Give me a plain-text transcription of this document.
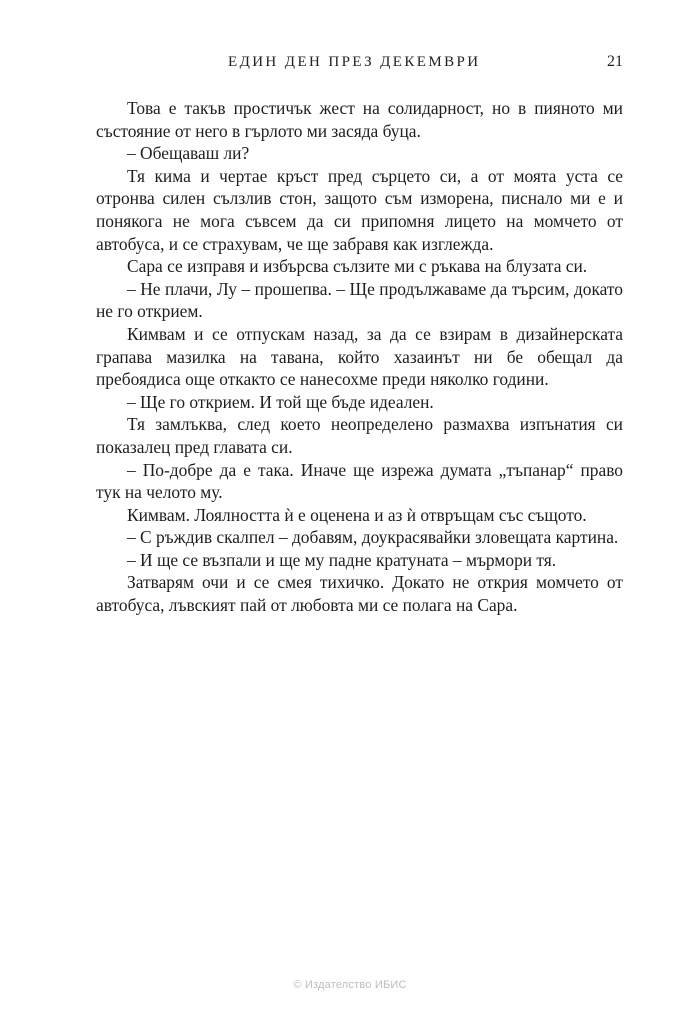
ЕДИН ДЕН ПРЕЗ ДЕКЕМВРИ	21

Това е такъв простичък жест на солидарност, но в пияното ми състояние от него в гърлото ми засяда буца.

– Обещаваш ли?

Тя кима и чертае кръст пред сърцето си, а от моята уста се отронва силен сълзлив стон, защото съм изморена, писнало ми е и понякога не мога съвсем да си припомня лицето на момчето от автобуса, и се страхувам, че ще забравя как изглежда.

Сара се изправя и избърсва сълзите ми с ръкава на блузата си.

– Не плачи, Лу – прошепва. – Ще продължаваме да търсим, докато не го открием.

Кимвам и се отпускам назад, за да се взирам в дизайнерската грапава мазилка на тавана, който хазаинът ни бе обещал да пребоядиса още откакто се нанесохме преди няколко години.

– Ще го открием. И той ще бъде идеален.

Тя замлъква, след което неопределено размахва изпънатия си показалец пред главата си.

– По-добре да е така. Иначе ще изрежа думата „тъпанар“ право тук на челото му.

Кимвам. Лоялността ѝ е оценена и аз ѝ отвръщам със същото.

– С ръждив скалпел – добавям, доукрасявайки зловещата картина.

– И ще се възпали и ще му падне кратуната – мърмори тя.

Затварям очи и се смея тихичко. Докато не открия момчето от автобуса, лъвският пай от любовта ми се полага на Сара.

© Издателство ИБИС
